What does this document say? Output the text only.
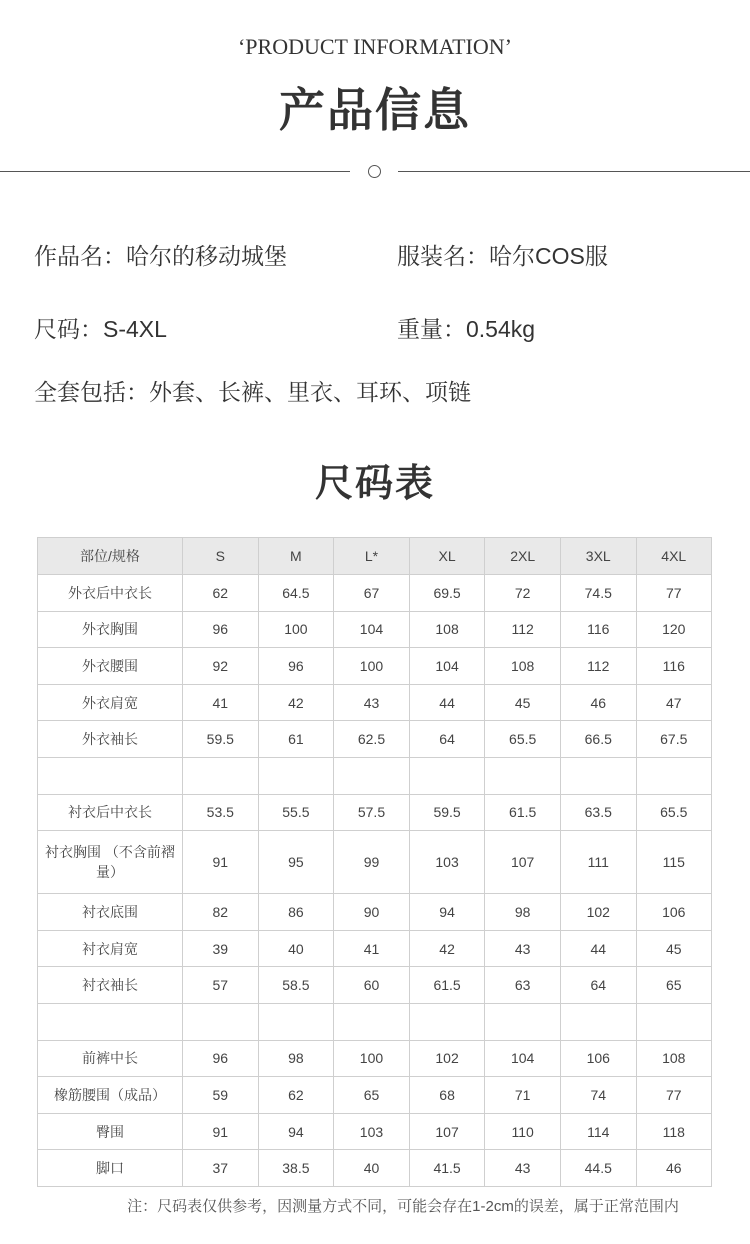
‘PRODUCT INFORMATION’
产品信息
作品名：哈尔的移动城堡	服装名：哈尔COS服
尺码：S-4XL	重量：0.54kg
全套包括：外套、长裤、里衣、耳环、项链
尺码表
部位/规格	S	M	L*	XL	2XL	3XL	4XL
外衣后中衣长	62	64.5	67	69.5	72	74.5	77
外衣胸围	96	100	104	108	112	116	120
外衣腰围	92	96	100	104	108	112	116
外衣肩宽	41	42	43	44	45	46	47
外衣袖长	59.5	61	62.5	64	65.5	66.5	67.5

衬衣后中衣长	53.5	55.5	57.5	59.5	61.5	63.5	65.5
衬衣胸围 （不含前褶量）	91	95	99	103	107	111	115
衬衣底围	82	86	90	94	98	102	106
衬衣肩宽	39	40	41	42	43	44	45
衬衣袖长	57	58.5	60	61.5	63	64	65

前裤中长	96	98	100	102	104	106	108
橡筋腰围（成品）	59	62	65	68	71	74	77
臀围	91	94	103	107	110	114	118
脚口	37	38.5	40	41.5	43	44.5	46
注：尺码表仅供参考，因测量方式不同，可能会存在1-2cm的误差，属于正常范围内
